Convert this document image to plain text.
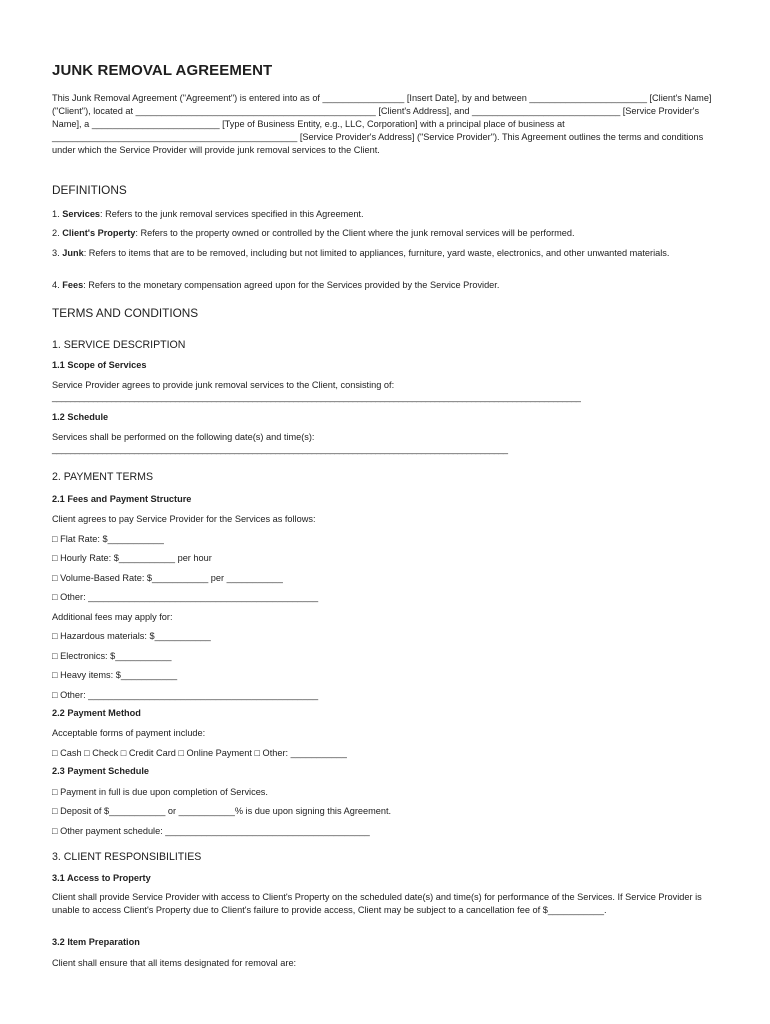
JUNK REMOVAL AGREEMENT

This Junk Removal Agreement ("Agreement") is entered into as of ________________ [Insert Date], by and between _______________________ [Client's Name] ("Client"), located at _______________________________________________ [Client's Address], and _____________________________ [Service Provider's Name], a _________________________ [Type of Business Entity, e.g., LLC, Corporation] with a principal place of business at ________________________________________________ [Service Provider's Address] ("Service Provider"). This Agreement outlines the terms and conditions under which the Service Provider will provide junk removal services to the Client.

DEFINITIONS

1. Services: Refers to the junk removal services specified in this Agreement.

2. Client's Property: Refers to the property owned or controlled by the Client where the junk removal services will be performed.

3. Junk: Refers to items that are to be removed, including but not limited to appliances, furniture, yard waste, electronics, and other unwanted materials.

4. Fees: Refers to the monetary compensation agreed upon for the Services provided by the Service Provider.

TERMS AND CONDITIONS
1. SERVICE DESCRIPTION
1.1 Scope of Services

Service Provider agrees to provide junk removal services to the Client, consisting of:

____________________________________________________________________________________________________________________

1.2 Schedule

Services shall be performed on the following date(s) and time(s):

____________________________________________________________________________________________________

2. PAYMENT TERMS
2.1 Fees and Payment Structure

Client agrees to pay Service Provider for the Services as follows:

□ Flat Rate: $___________

□ Hourly Rate: $___________ per hour

□ Volume-Based Rate: $___________ per ___________

□ Other: _____________________________________________

Additional fees may apply for:

□ Hazardous materials: $___________

□ Electronics: $___________

□ Heavy items: $___________

□ Other: _____________________________________________

2.2 Payment Method

Acceptable forms of payment include:

□ Cash □ Check □ Credit Card □ Online Payment □ Other: ___________

2.3 Payment Schedule

□ Payment in full is due upon completion of Services.

□ Deposit of $___________ or ___________% is due upon signing this Agreement.

□ Other payment schedule: ________________________________________

3. CLIENT RESPONSIBILITIES
3.1 Access to Property

Client shall provide Service Provider with access to Client's Property on the scheduled date(s) and time(s) for performance of the Services. If Service Provider is unable to access Client's Property due to Client's failure to provide access, Client may be subject to a cancellation fee of $___________.

3.2 Item Preparation

Client shall ensure that all items designated for removal are:
